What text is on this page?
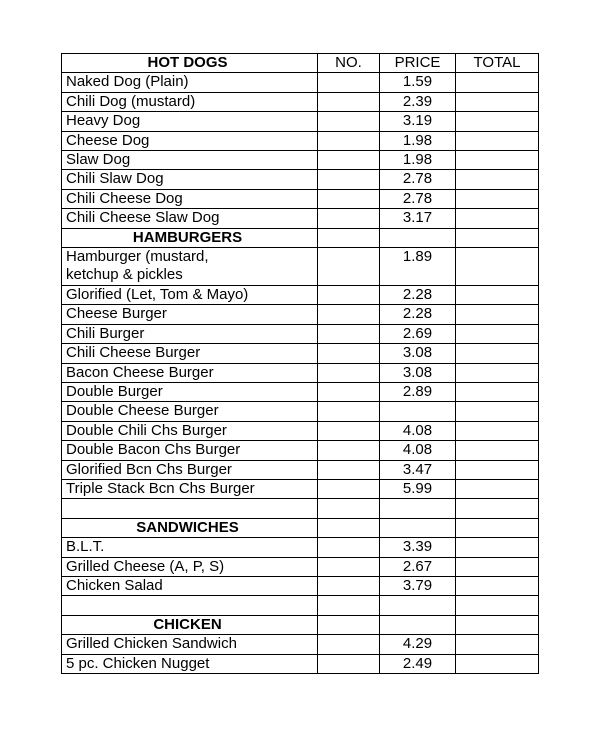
HOT DOGS	NO.	PRICE	TOTAL
Naked Dog (Plain)		1.59	
Chili Dog (mustard)		2.39	
Heavy Dog		3.19	
Cheese Dog		1.98	
Slaw Dog		1.98	
Chili Slaw Dog		2.78	
Chili Cheese Dog		2.78	
Chili Cheese Slaw Dog		3.17	
HAMBURGERS			

Hamburger (mustard,
ketchup & pickles		1.89	
Glorified (Let, Tom & Mayo)		2.28	
Cheese Burger		2.28	
Chili Burger		2.69	
Chili Cheese Burger		3.08	
Bacon Cheese Burger		3.08	
Double Burger		2.89	
Double Cheese Burger			
Double Chili Chs Burger		4.08	
Double Bacon Chs Burger		4.08	
Glorified Bcn Chs Burger		3.47	
Triple Stack Bcn Chs Burger		5.99	

SANDWICHES			
B.L.T.		3.39	
Grilled Cheese (A, P, S)		2.67	
Chicken Salad		3.79	

CHICKEN			
Grilled Chicken Sandwich		4.29	
5 pc. Chicken Nugget		2.49	
